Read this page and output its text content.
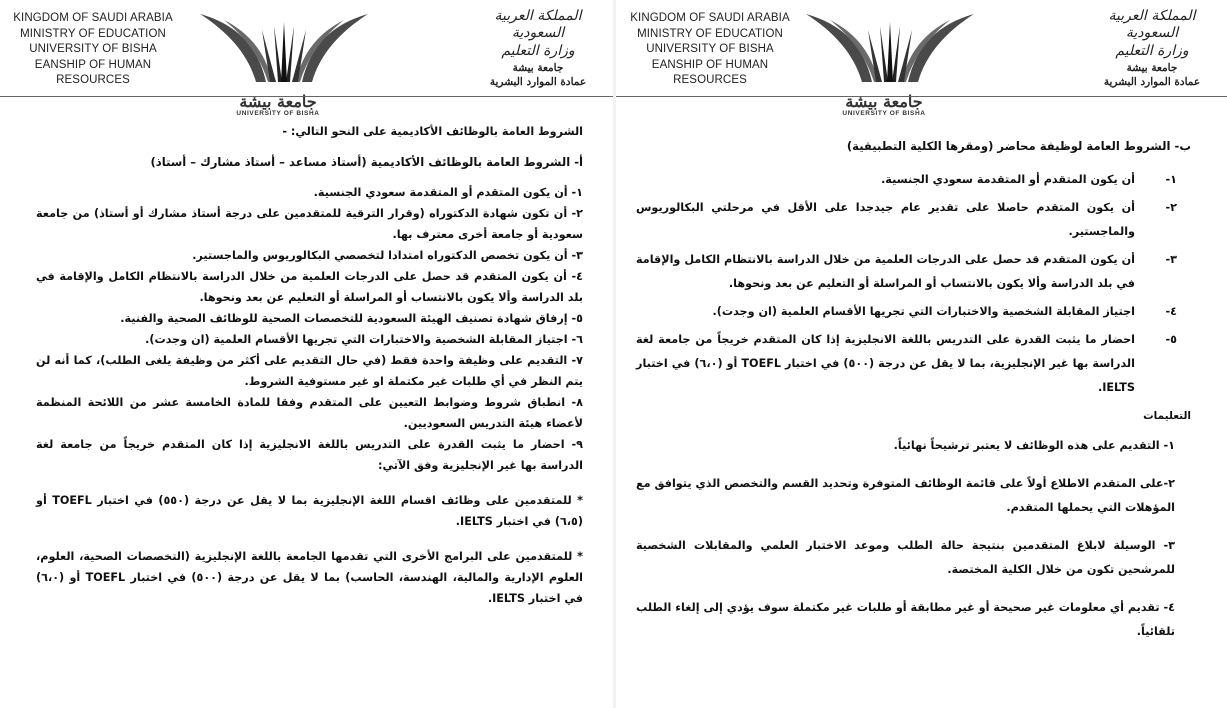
KINGDOM OF SAUDI ARABIA
MINISTRY OF EDUCATION
UNIVERSITY OF BISHA
EANSHIP OF HUMAN RESOURCES
جامعة بيشة
UNIVERSITY OF BISHA
المملكة العربية السعودية
وزارة التعليم
جامعة بيشة
عمادة الموارد البشرية

الشروط العامة بالوظائف الأكاديمية على النحو التالي: -

أ- الشروط العامة بالوظائف الأكاديمية (أستاذ مساعد – أستاذ مشارك – أستاذ)

١- أن يكون المتقدم أو المتقدمة سعودي الجنسية.

٢- أن تكون شهادة الدكتوراه (وقرار الترقية للمتقدمين على درجة أستاذ مشارك أو أستاذ) من جامعة سعودية أو جامعة أخرى معترف بها.

٣- أن يكون تخصص الدكتوراه امتدادا لتخصصي البكالوريوس والماجستير.

٤- أن يكون المتقدم قد حصل على الدرجات العلمية من خلال الدراسة بالانتظام الكامل والإقامة في بلد الدراسة وألا يكون بالانتساب أو المراسلة أو التعليم عن بعد ونحوها.

٥- إرفاق شهادة تصنيف الهيئة السعودية للتخصصات الصحية للوظائف الصحية والفنية.

٦- اجتياز المقابلة الشخصية والاختبارات التي تجريها الأقسام العلمية (ان وجدت).

٧- التقديم على وظيفة واحدة فقط (في حال التقديم على أكثر من وظيفة يلغى الطلب)، كما أنه لن يتم النظر في أي طلبات غير مكتملة او غير مستوفية الشروط.

٨- انطباق شروط وضوابط التعيين على المتقدم وفقا للمادة الخامسة عشر من اللائحة المنظمة لأعضاء هيئة التدريس السعوديين.

٩- احضار ما يثبت القدرة على التدريس باللغة الانجليزية إذا كان المتقدم خريجاً من جامعة لغة الدراسة بها غير الإنجليزية وفق الآتي:

* للمتقدمين على وظائف اقسام اللغة الإنجليزية بما لا يقل عن درجة (٥٥٠) في اختبار TOEFL أو (٦،٥) في اختبار IELTS.

* للمتقدمين على البرامج الأخرى التي تقدمها الجامعة باللغة الإنجليزية (التخصصات الصحية، العلوم، العلوم الإدارية والمالية، الهندسة، الحاسب) بما لا يقل عن درجة (٥٠٠) في اختبار TOEFL أو (٦،٠) في اختبار IELTS.

KINGDOM OF SAUDI ARABIA
MINISTRY OF EDUCATION
UNIVERSITY OF BISHA
EANSHIP OF HUMAN RESOURCES
جامعة بيشة
UNIVERSITY OF BISHA
المملكة العربية السعودية
وزارة التعليم
جامعة بيشة
عمادة الموارد البشرية

ب- الشروط العامة لوظيفة محاضر (ومقرها الكلية التطبيقية)

١-
أن يكون المتقدم أو المتقدمة سعودي الجنسية.
٢-
أن يكون المتقدم حاصلا على تقدير عام جيدجدا على الأقل في مرحلتي البكالوريوس والماجستير.
٣-
أن يكون المتقدم قد حصل على الدرجات العلمية من خلال الدراسة بالانتظام الكامل والإقامة في بلد الدراسة وألا يكون بالانتساب أو المراسلة أو التعليم عن بعد ونحوها.
٤-
اجتياز المقابلة الشخصية والاختبارات التي تجريها الأقسام العلمية (ان وجدت).
٥-
احضار ما يثبت القدرة على التدريس باللغة الانجليزية إذا كان المتقدم خريجاً من جامعة لغة الدراسة بها غير الإنجليزية، بما لا يقل عن درجة (٥٠٠) في اختبار TOEFL أو (٦،٠) في اختبار IELTS.

التعليمات

١- التقديم على هذه الوظائف لا يعتبر ترشيحاً نهائياً.

٢-على المتقدم الاطلاع أولاً على قائمة الوظائف المتوفرة وتحديد القسم والتخصص الذي يتوافق مع المؤهلات التي يحملها المتقدم.

٣- الوسيلة لابلاغ المتقدمين بنتيجة حالة الطلب وموعد الاختبار العلمي والمقابلات الشخصية للمرشحين تكون من خلال الكلية المختصة.

٤- تقديم أي معلومات غير صحيحة أو غير مطابقة أو طلبات غير مكتملة سوف يؤدي إلى إلغاء الطلب تلقائياً.
